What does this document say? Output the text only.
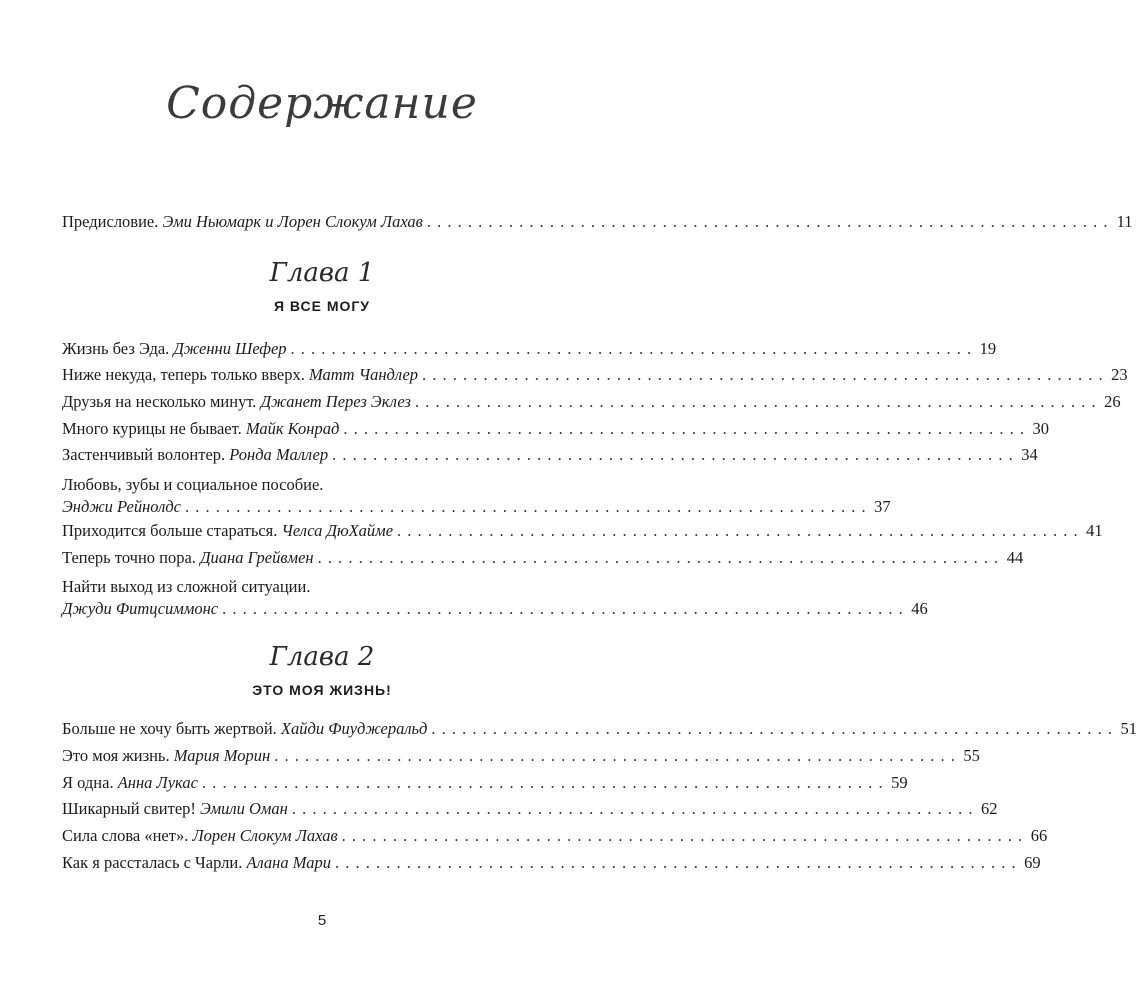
Содержание
Предисловие. Эми Ньюмарк и Лорен Слокум Лахав . . .	11
Глава 1
Я ВСЕ МОГУ
Жизнь без Эда. Дженни Шефер . . .	19
Ниже некуда, теперь только вверх. Матт Чандлер . . .	23
Друзья на несколько минут. Джанет Перез Эклез . . .	26
Много курицы не бывает. Майк Конрад . . .	30
Застенчивый волонтер. Ронда Маллер . . .	34
Любовь, зубы и социальное пособие.
Энджи Рейнолдс . . .	37
Приходится больше стараться. Челса ДюХайме . . .	41
Теперь точно пора. Диана Грейвмен . . .	44
Найти выход из сложной ситуации.
Джуди Фитцсиммонс . . .	46
Глава 2
ЭТО МОЯ ЖИЗНЬ!
Больше не хочу быть жертвой. Хайди Фиуджеральд . . .	51
Это моя жизнь. Мария Морин . . .	55
Я одна. Анна Лукас . . .	59
Шикарный свитер! Эмили Оман . . .	62
Сила слова «нет». Лорен Слокум Лахав . . .	66
Как я рассталась с Чарли. Алана Мари . . .	69
5
